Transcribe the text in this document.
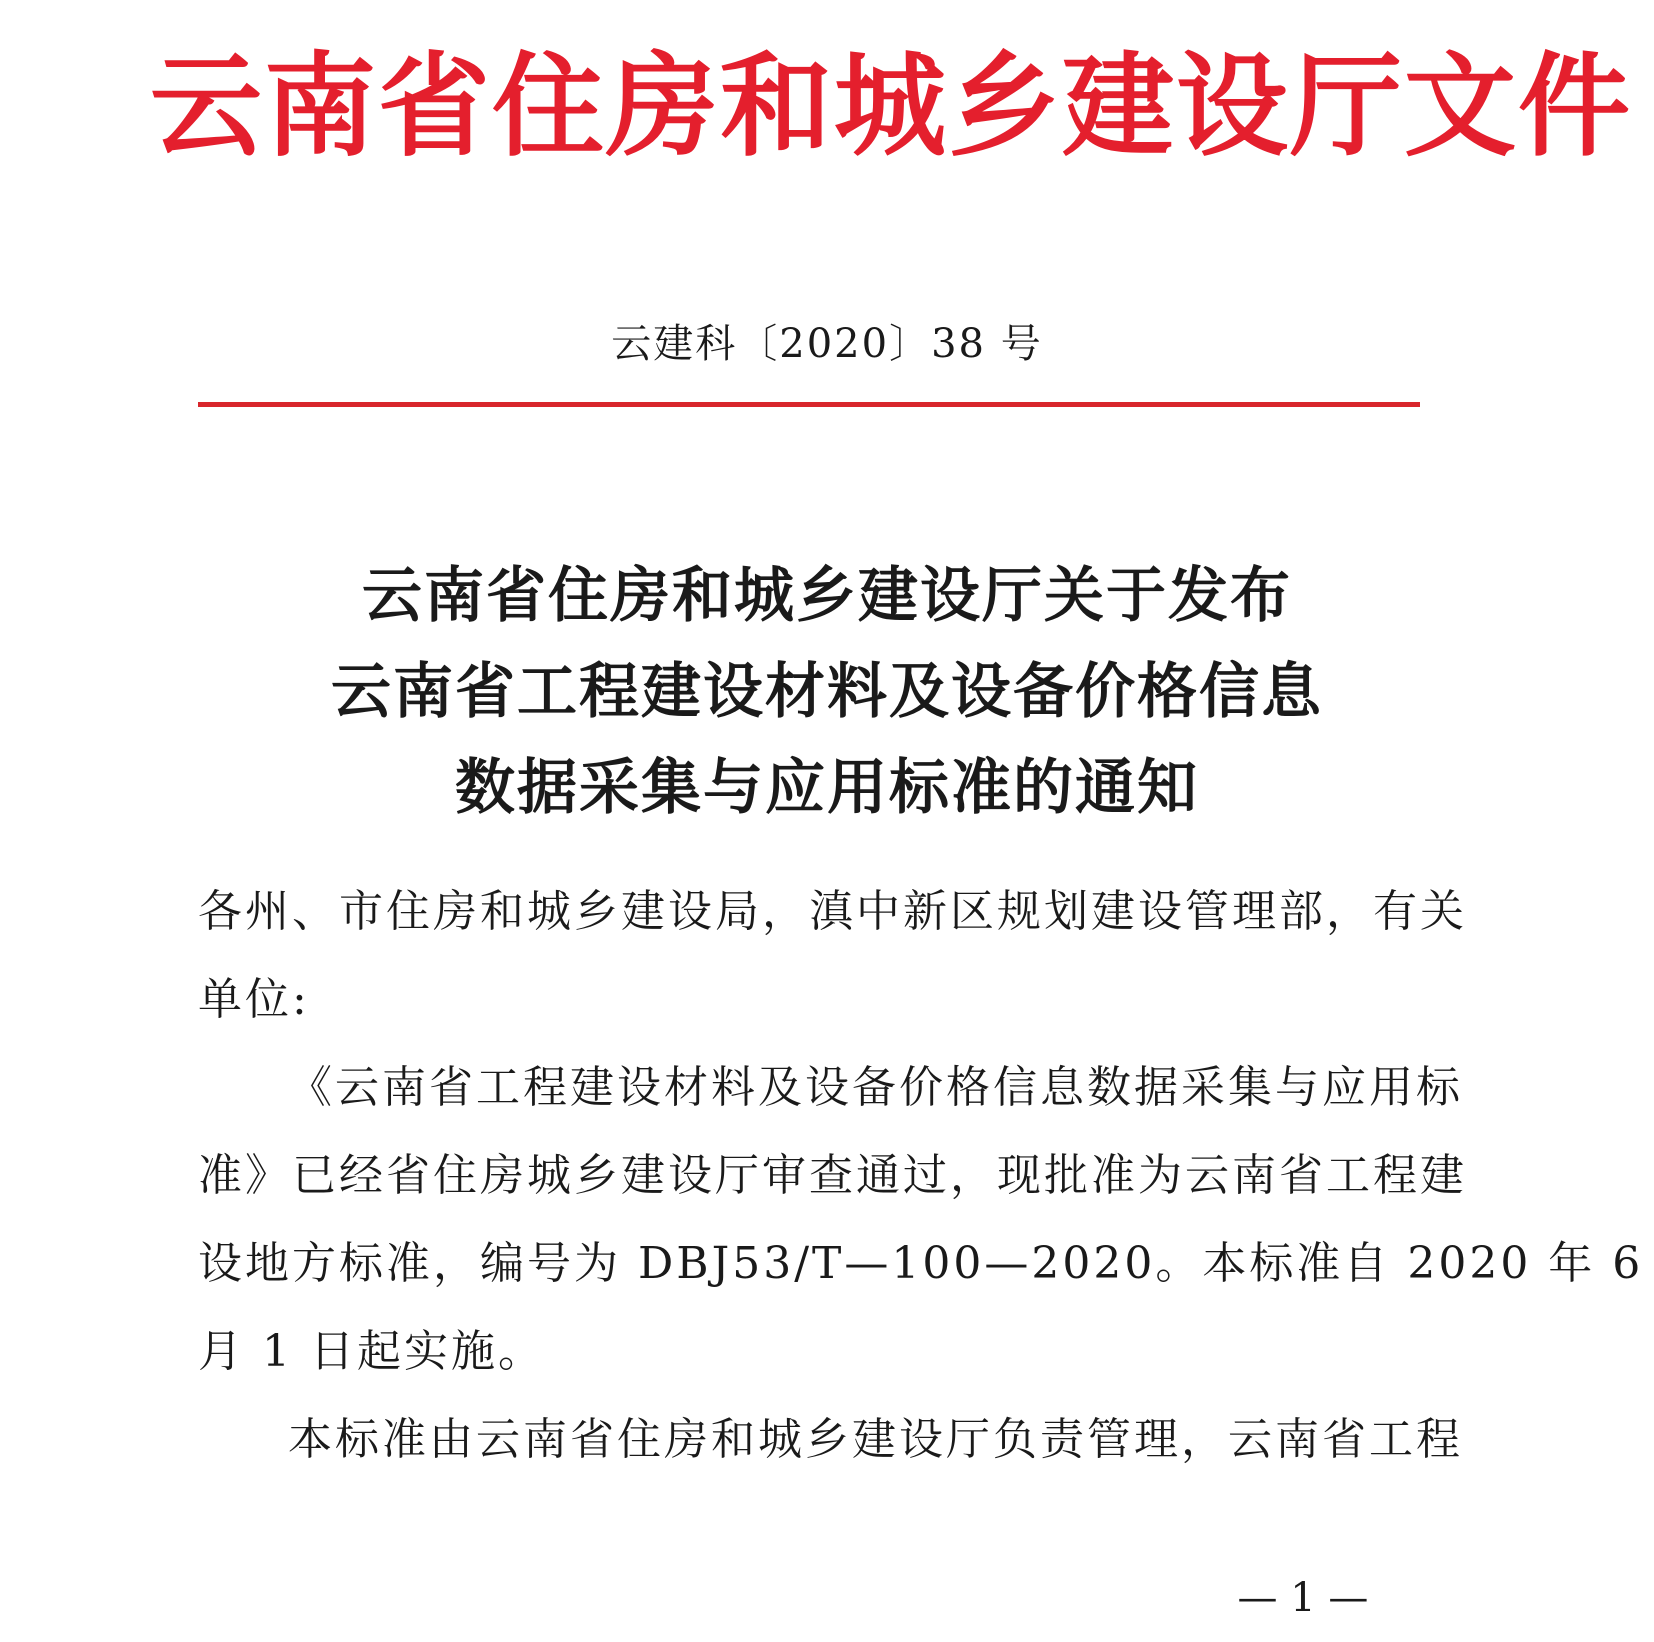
云南省住房和城乡建设厅文件
云建科〔2020〕38 号
云南省住房和城乡建设厅关于发布
云南省工程建设材料及设备价格信息
数据采集与应用标准的通知
各州、市住房和城乡建设局，滇中新区规划建设管理部，有关
单位:
《云南省工程建设材料及设备价格信息数据采集与应用标
准》已经省住房城乡建设厅审查通过，现批准为云南省工程建
设地方标准，编号为 DBJ53/T—100—2020。本标准自 2020 年 6
月 1 日起实施。
本标准由云南省住房和城乡建设厅负责管理，云南省工程
— 1 —
